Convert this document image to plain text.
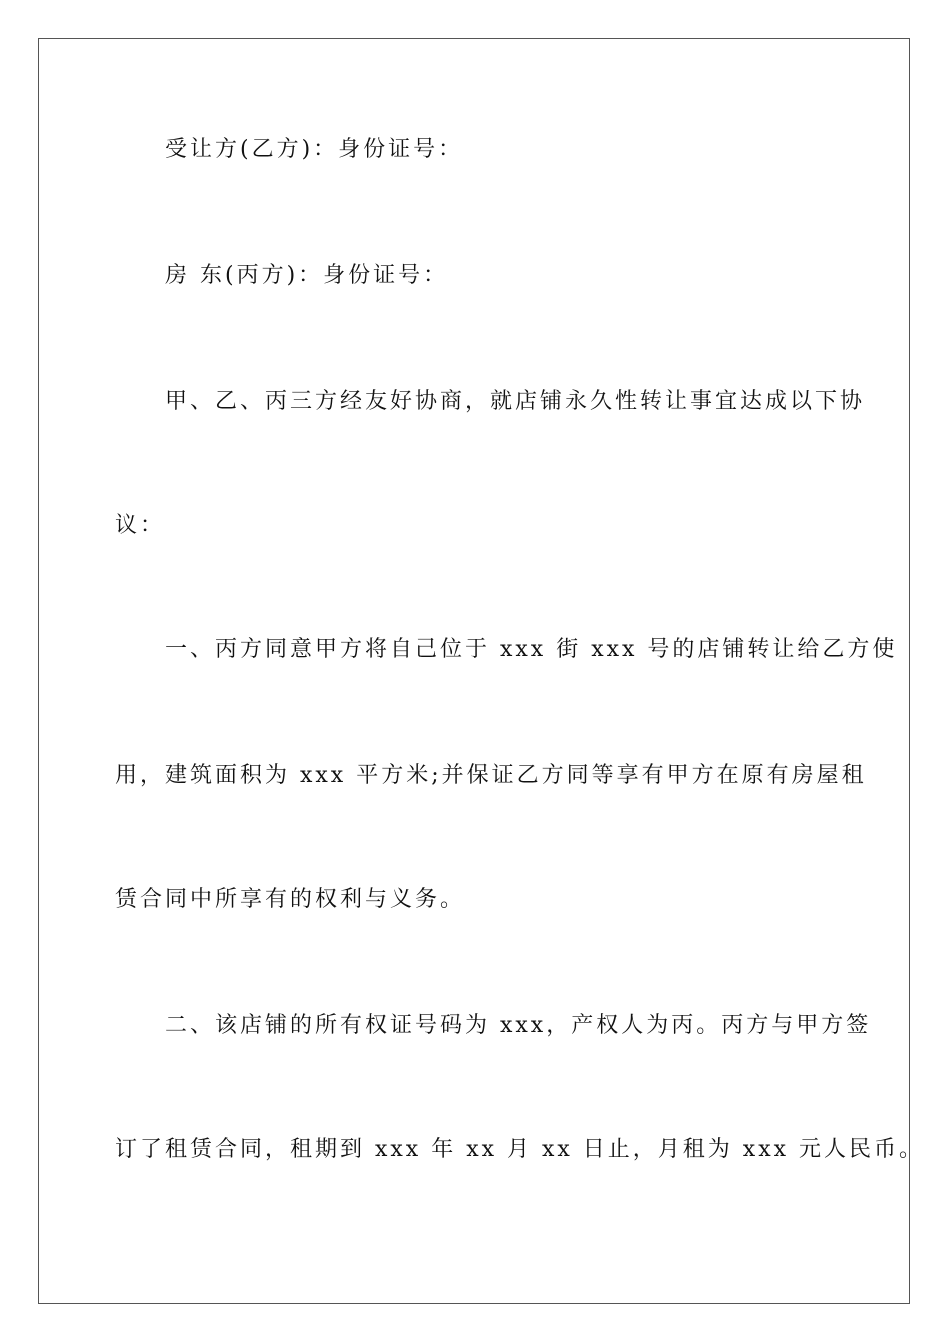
受让方(乙方)：身份证号：

房 东(丙方)：身份证号：

甲、乙、丙三方经友好协商，就店铺永久性转让事宜达成以下协

议：

一、丙方同意甲方将自己位于 xxx 街 xxx 号的店铺转让给乙方使

用，建筑面积为 xxx 平方米;并保证乙方同等享有甲方在原有房屋租

赁合同中所享有的权利与义务。

二、该店铺的所有权证号码为 xxx，产权人为丙。丙方与甲方签

订了租赁合同，租期到 xxx 年 xx 月 xx 日止，月租为 xxx 元人民币。
